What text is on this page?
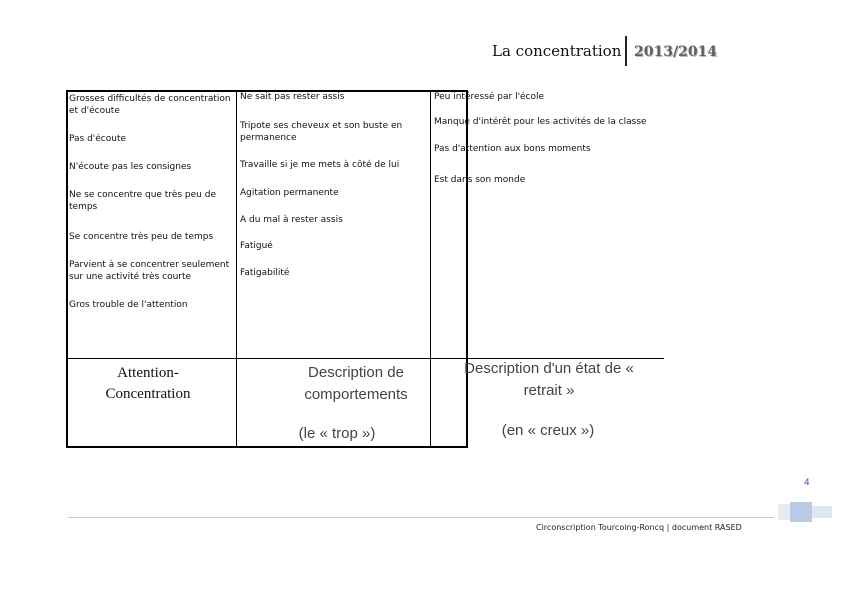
La concentration 2013/2014
Grosses difficultés de concentration et d'écoute
Pas d'écoute
N'écoute pas les consignes
Ne se concentre que très peu de temps
Se concentre très peu de temps
Parvient à se concentrer seulement sur une activité très courte
Gros trouble de l'attention
Ne sait pas rester assis
Tripote ses cheveux et son buste en permanence
Travaille si je me mets à côté de lui
Agitation permanente
A du mal à rester assis
Fatigué
Fatigabilité
Peu intéressé par l'école
Manque d'intérêt pour les activités de la classe
Pas d'attention aux bons moments
Est dans son monde
Attention-Concentration
Description de comportements
(le « trop »)
Description d'un état de « retrait »
(en « creux »)
4
Circonscription Tourcoing-Roncq | document RASED
